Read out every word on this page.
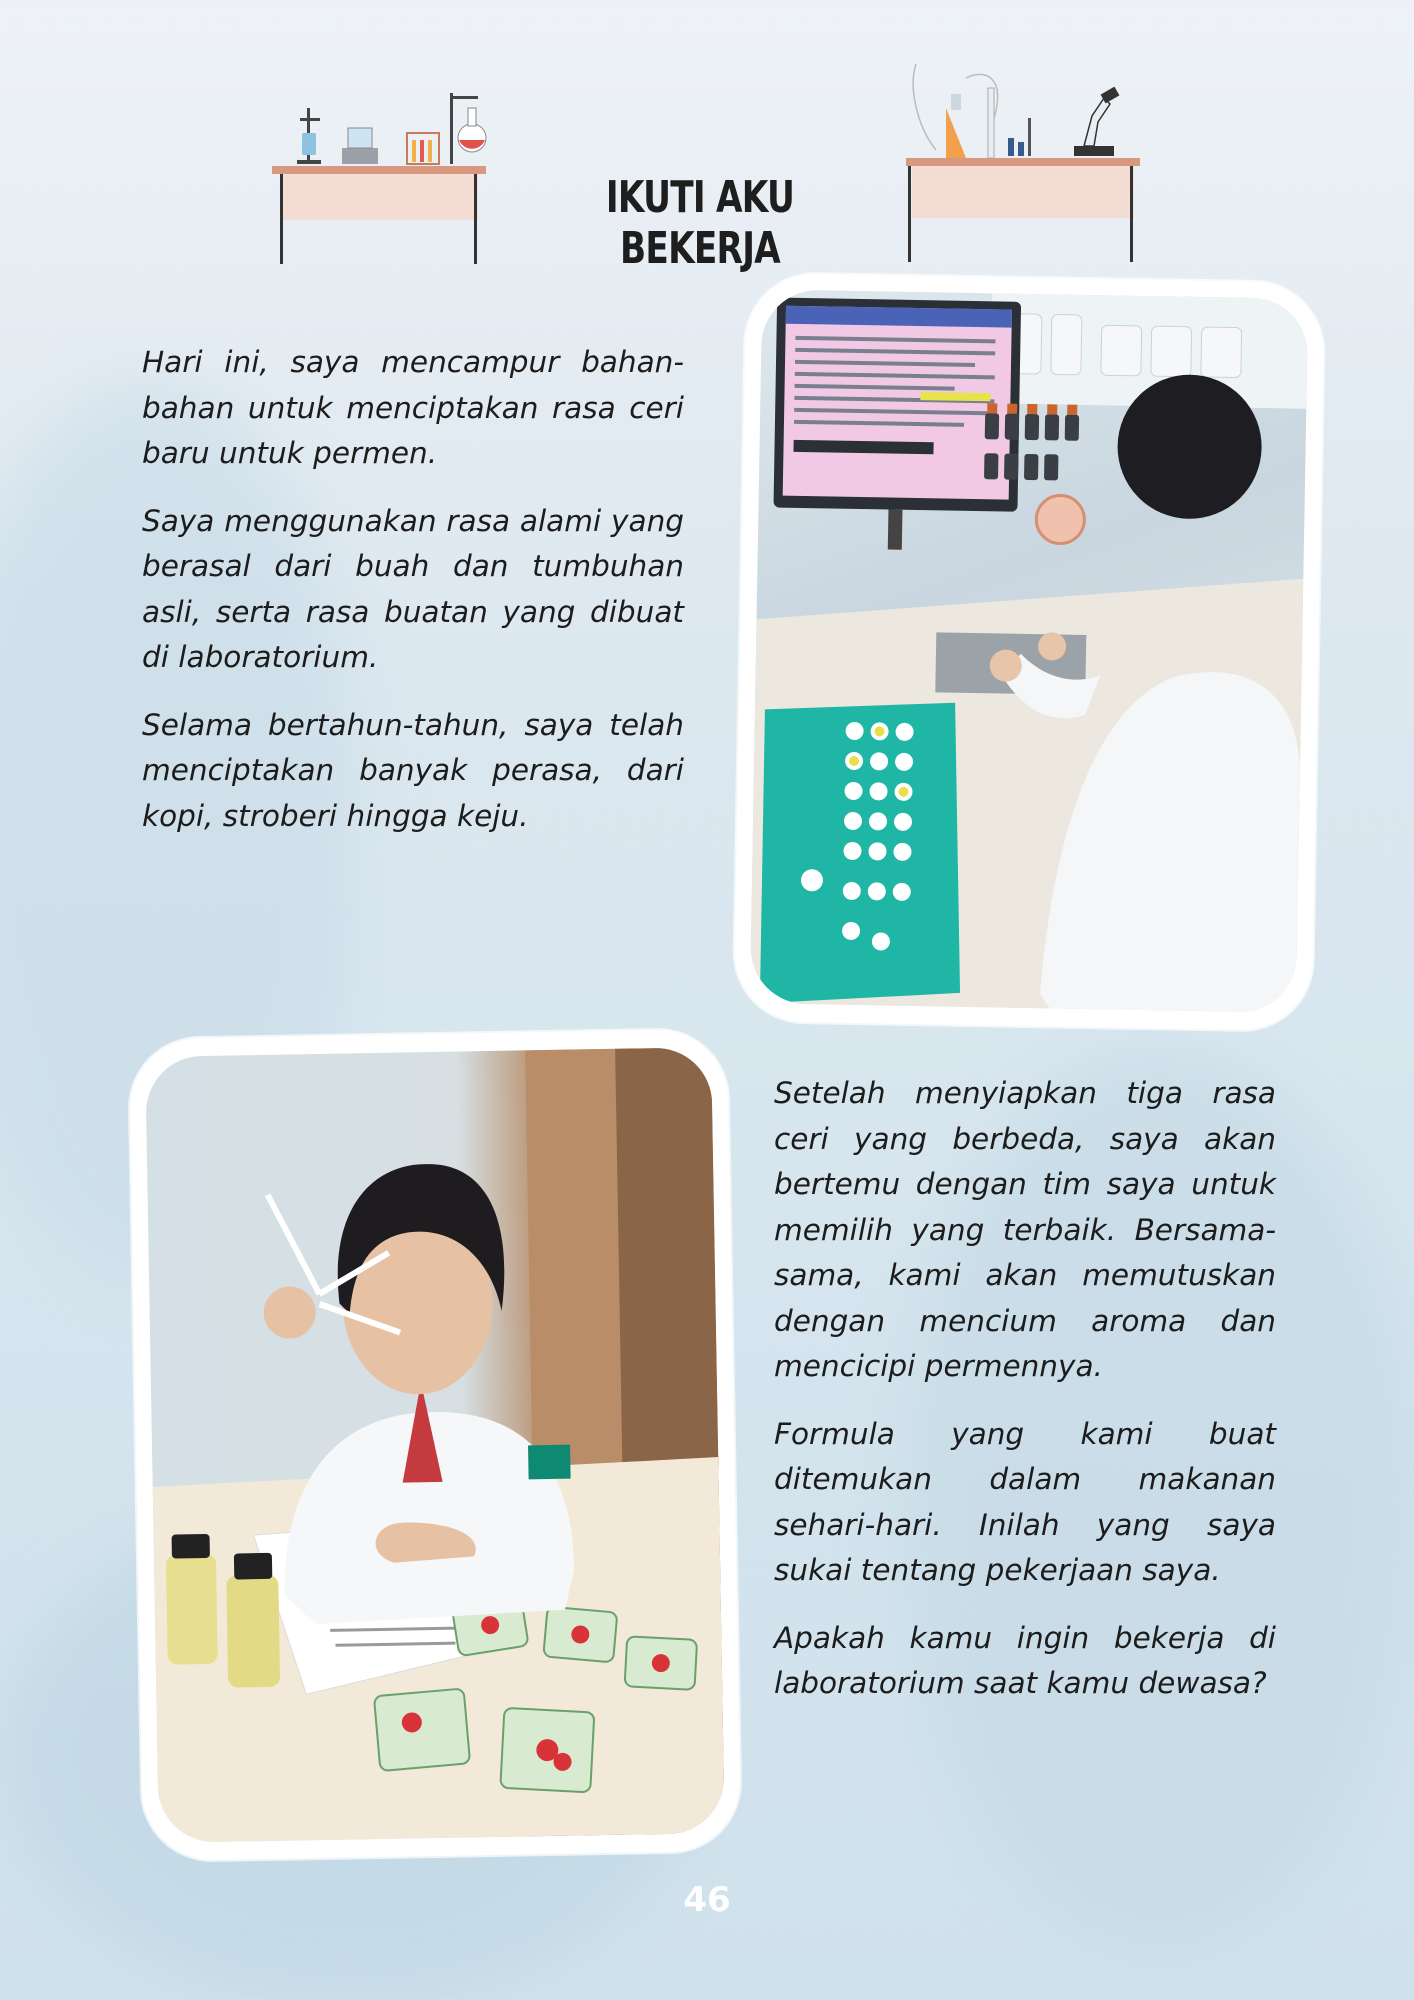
IKUTI AKU BEKERJA

Hari ini, saya mencampur bahan-bahan untuk menciptakan rasa ceri baru untuk permen.

Saya menggunakan rasa alami yang berasal dari buah dan tumbuhan asli, serta rasa buatan yang dibuat di laboratorium.

Selama bertahun-tahun, saya telah menciptakan banyak perasa, dari kopi, stroberi hingga keju.

Setelah menyiapkan tiga rasa ceri yang berbeda, saya akan bertemu dengan tim saya untuk memilih yang terbaik. Bersama-sama, kami akan memutuskan dengan mencium aroma dan mencicipi permennya.

Formula yang kami buat ditemukan dalam makanan sehari-hari. Inilah yang saya sukai tentang pekerjaan saya.

Apakah kamu ingin bekerja di laboratorium saat kamu dewasa?

46
